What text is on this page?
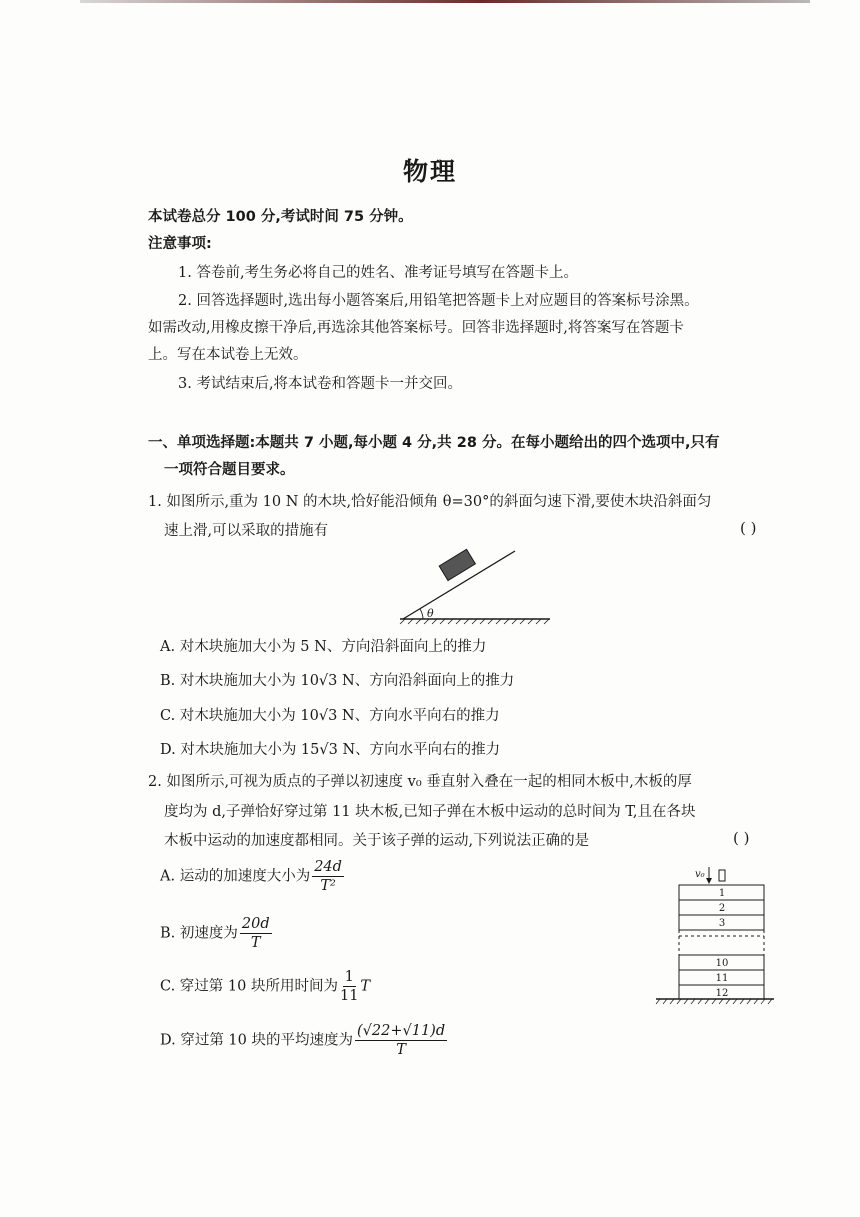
物理
本试卷总分 100 分,考试时间 75 分钟。
注意事项:
1. 答卷前,考生务必将自己的姓名、准考证号填写在答题卡上。
2. 回答选择题时,选出每小题答案后,用铅笔把答题卡上对应题目的答案标号涂黑。
如需改动,用橡皮擦干净后,再选涂其他答案标号。回答非选择题时,将答案写在答题卡
上。写在本试卷上无效。
3. 考试结束后,将本试卷和答题卡一并交回。
一、单项选择题:本题共 7 小题,每小题 4 分,共 28 分。在每小题给出的四个选项中,只有
一项符合题目要求。
1. 如图所示,重为 10 N 的木块,恰好能沿倾角 θ=30°的斜面匀速下滑,要使木块沿斜面匀
速上滑,可以采取的措施有	( )
θ
A. 对木块施加大小为 5 N、方向沿斜面向上的推力
B. 对木块施加大小为 10√3 N、方向沿斜面向上的推力
C. 对木块施加大小为 10√3 N、方向水平向右的推力
D. 对木块施加大小为 15√3 N、方向水平向右的推力
2. 如图所示,可视为质点的子弹以初速度 v₀ 垂直射入叠在一起的相同木板中,木板的厚
度均为 d,子弹恰好穿过第 11 块木板,已知子弹在木板中运动的总时间为 T,且在各块
木板中运动的加速度都相同。关于该子弹的运动,下列说法正确的是	( )
A. 运动的加速度大小为 $\frac{24d}{\text{T²}}$
B. 初速度为 $\frac{20d}{T}$
C. 穿过第 10 块所用时间为 $\frac{1}{11}$ T
D. 穿过第 10 块的平均速度为 $\frac{(√22+√11)d}{T}$
v₀
1
2
3
10
11
12
